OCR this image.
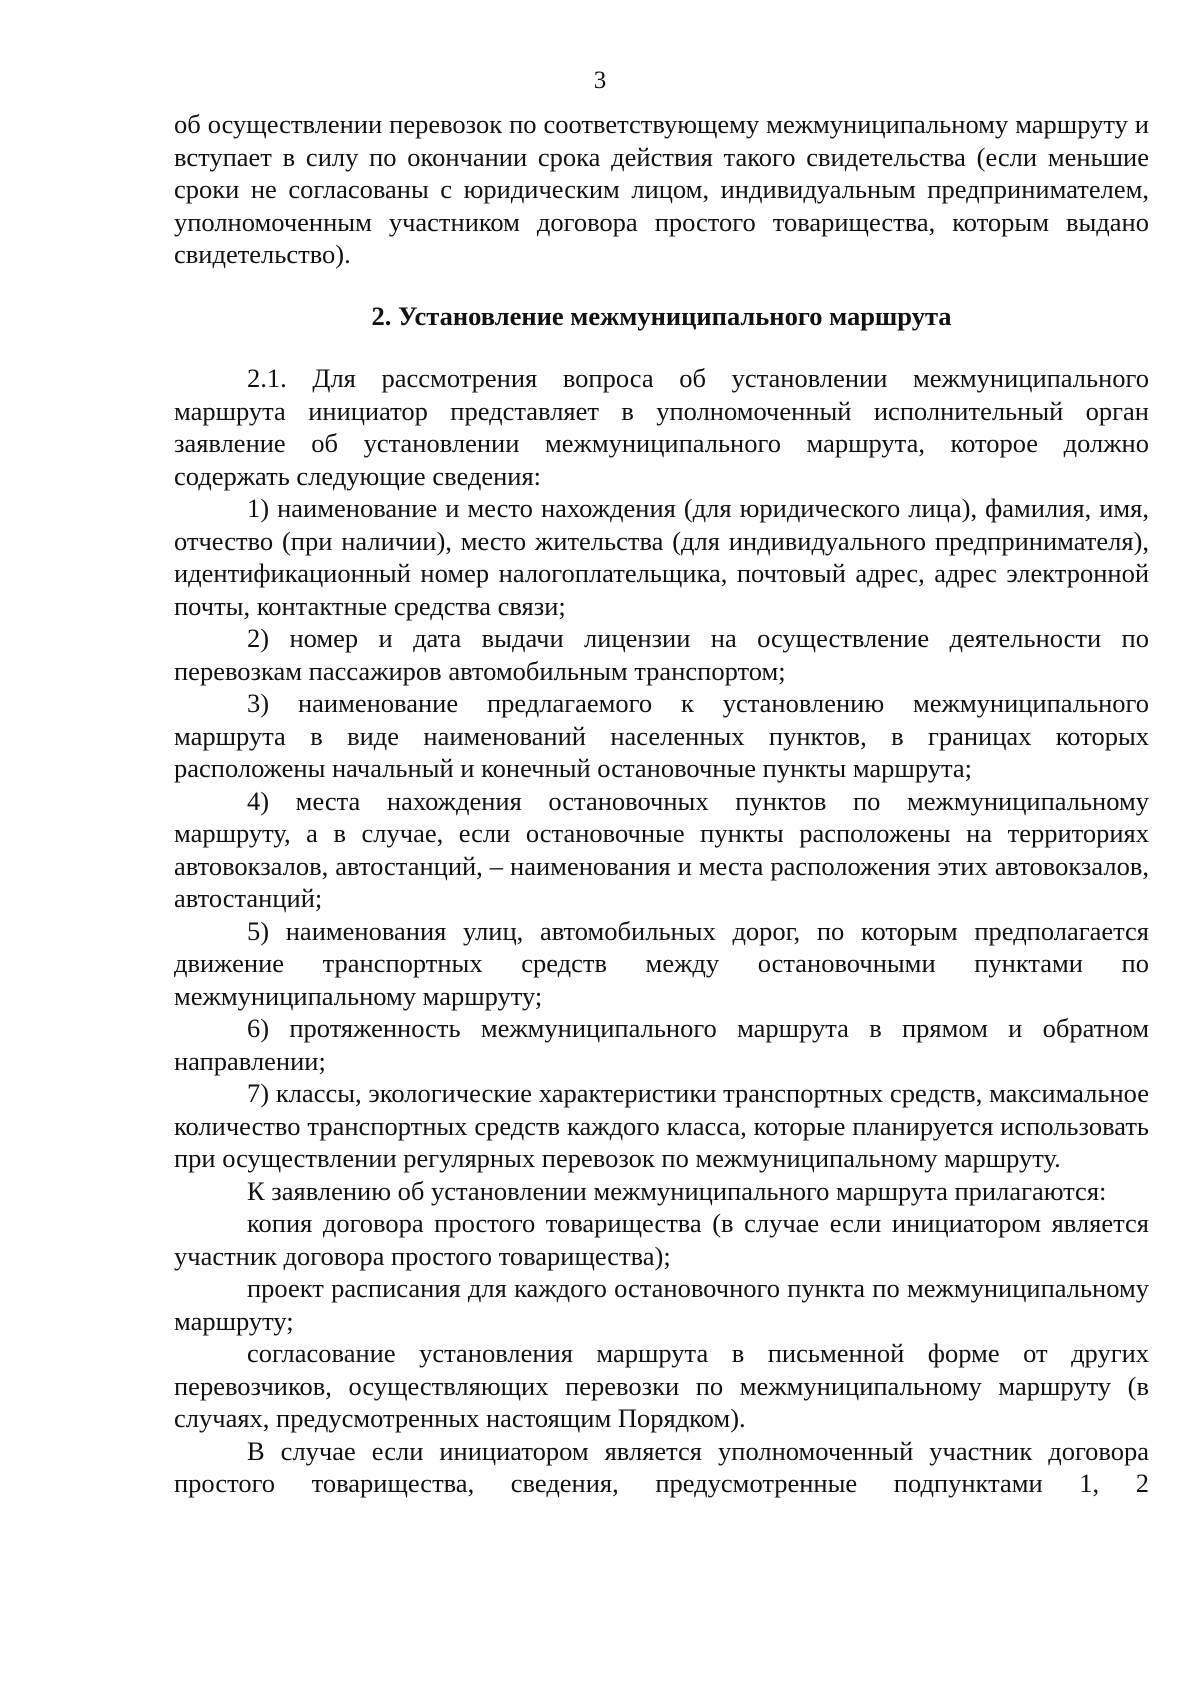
3

об осуществлении перевозок по соответствующему межмуниципальному маршруту и вступает в силу по окончании срока действия такого свидетельства (если меньшие сроки не согласованы с юридическим лицом, индивидуальным предпринимателем, уполномоченным участником договора простого товарищества, которым выдано свидетельство).

2. Установление межмуниципального маршрута

2.1. Для рассмотрения вопроса об установлении межмуниципального маршрута инициатор представляет в уполномоченный исполнительный орган заявление об установлении межмуниципального маршрута, которое должно содержать следующие сведения:

1) наименование и место нахождения (для юридического лица), фамилия, имя, отчество (при наличии), место жительства (для индивидуального предпринимателя), идентификационный номер налогоплательщика, почтовый адрес, адрес электронной почты, контактные средства связи;

2) номер и дата выдачи лицензии на осуществление деятельности по перевозкам пассажиров автомобильным транспортом;

3) наименование предлагаемого к установлению межмуниципального маршрута в виде наименований населенных пунктов, в границах которых расположены начальный и конечный остановочные пункты маршрута;

4) места нахождения остановочных пунктов по межмуниципальному маршруту, а в случае, если остановочные пункты расположены на территориях автовокзалов, автостанций, – наименования и места расположения этих автовокзалов, автостанций;

5) наименования улиц, автомобильных дорог, по которым предполагается движение транспортных средств между остановочными пунктами по межмуниципальному маршруту;

6) протяженность межмуниципального маршрута в прямом и обратном направлении;

7) классы, экологические характеристики транспортных средств, максимальное количество транспортных средств каждого класса, которые планируется использовать при осуществлении регулярных перевозок по межмуниципальному маршруту.

К заявлению об установлении межмуниципального маршрута прилагаются:

копия договора простого товарищества (в случае если инициатором является участник договора простого товарищества);

проект расписания для каждого остановочного пункта по межмуниципальному маршруту;

согласование установления маршрута в письменной форме от других перевозчиков, осуществляющих перевозки по межмуниципальному маршруту (в случаях, предусмотренных настоящим Порядком).

В случае если инициатором является уполномоченный участник договора простого товарищества, сведения, предусмотренные подпунктами 1, 2
